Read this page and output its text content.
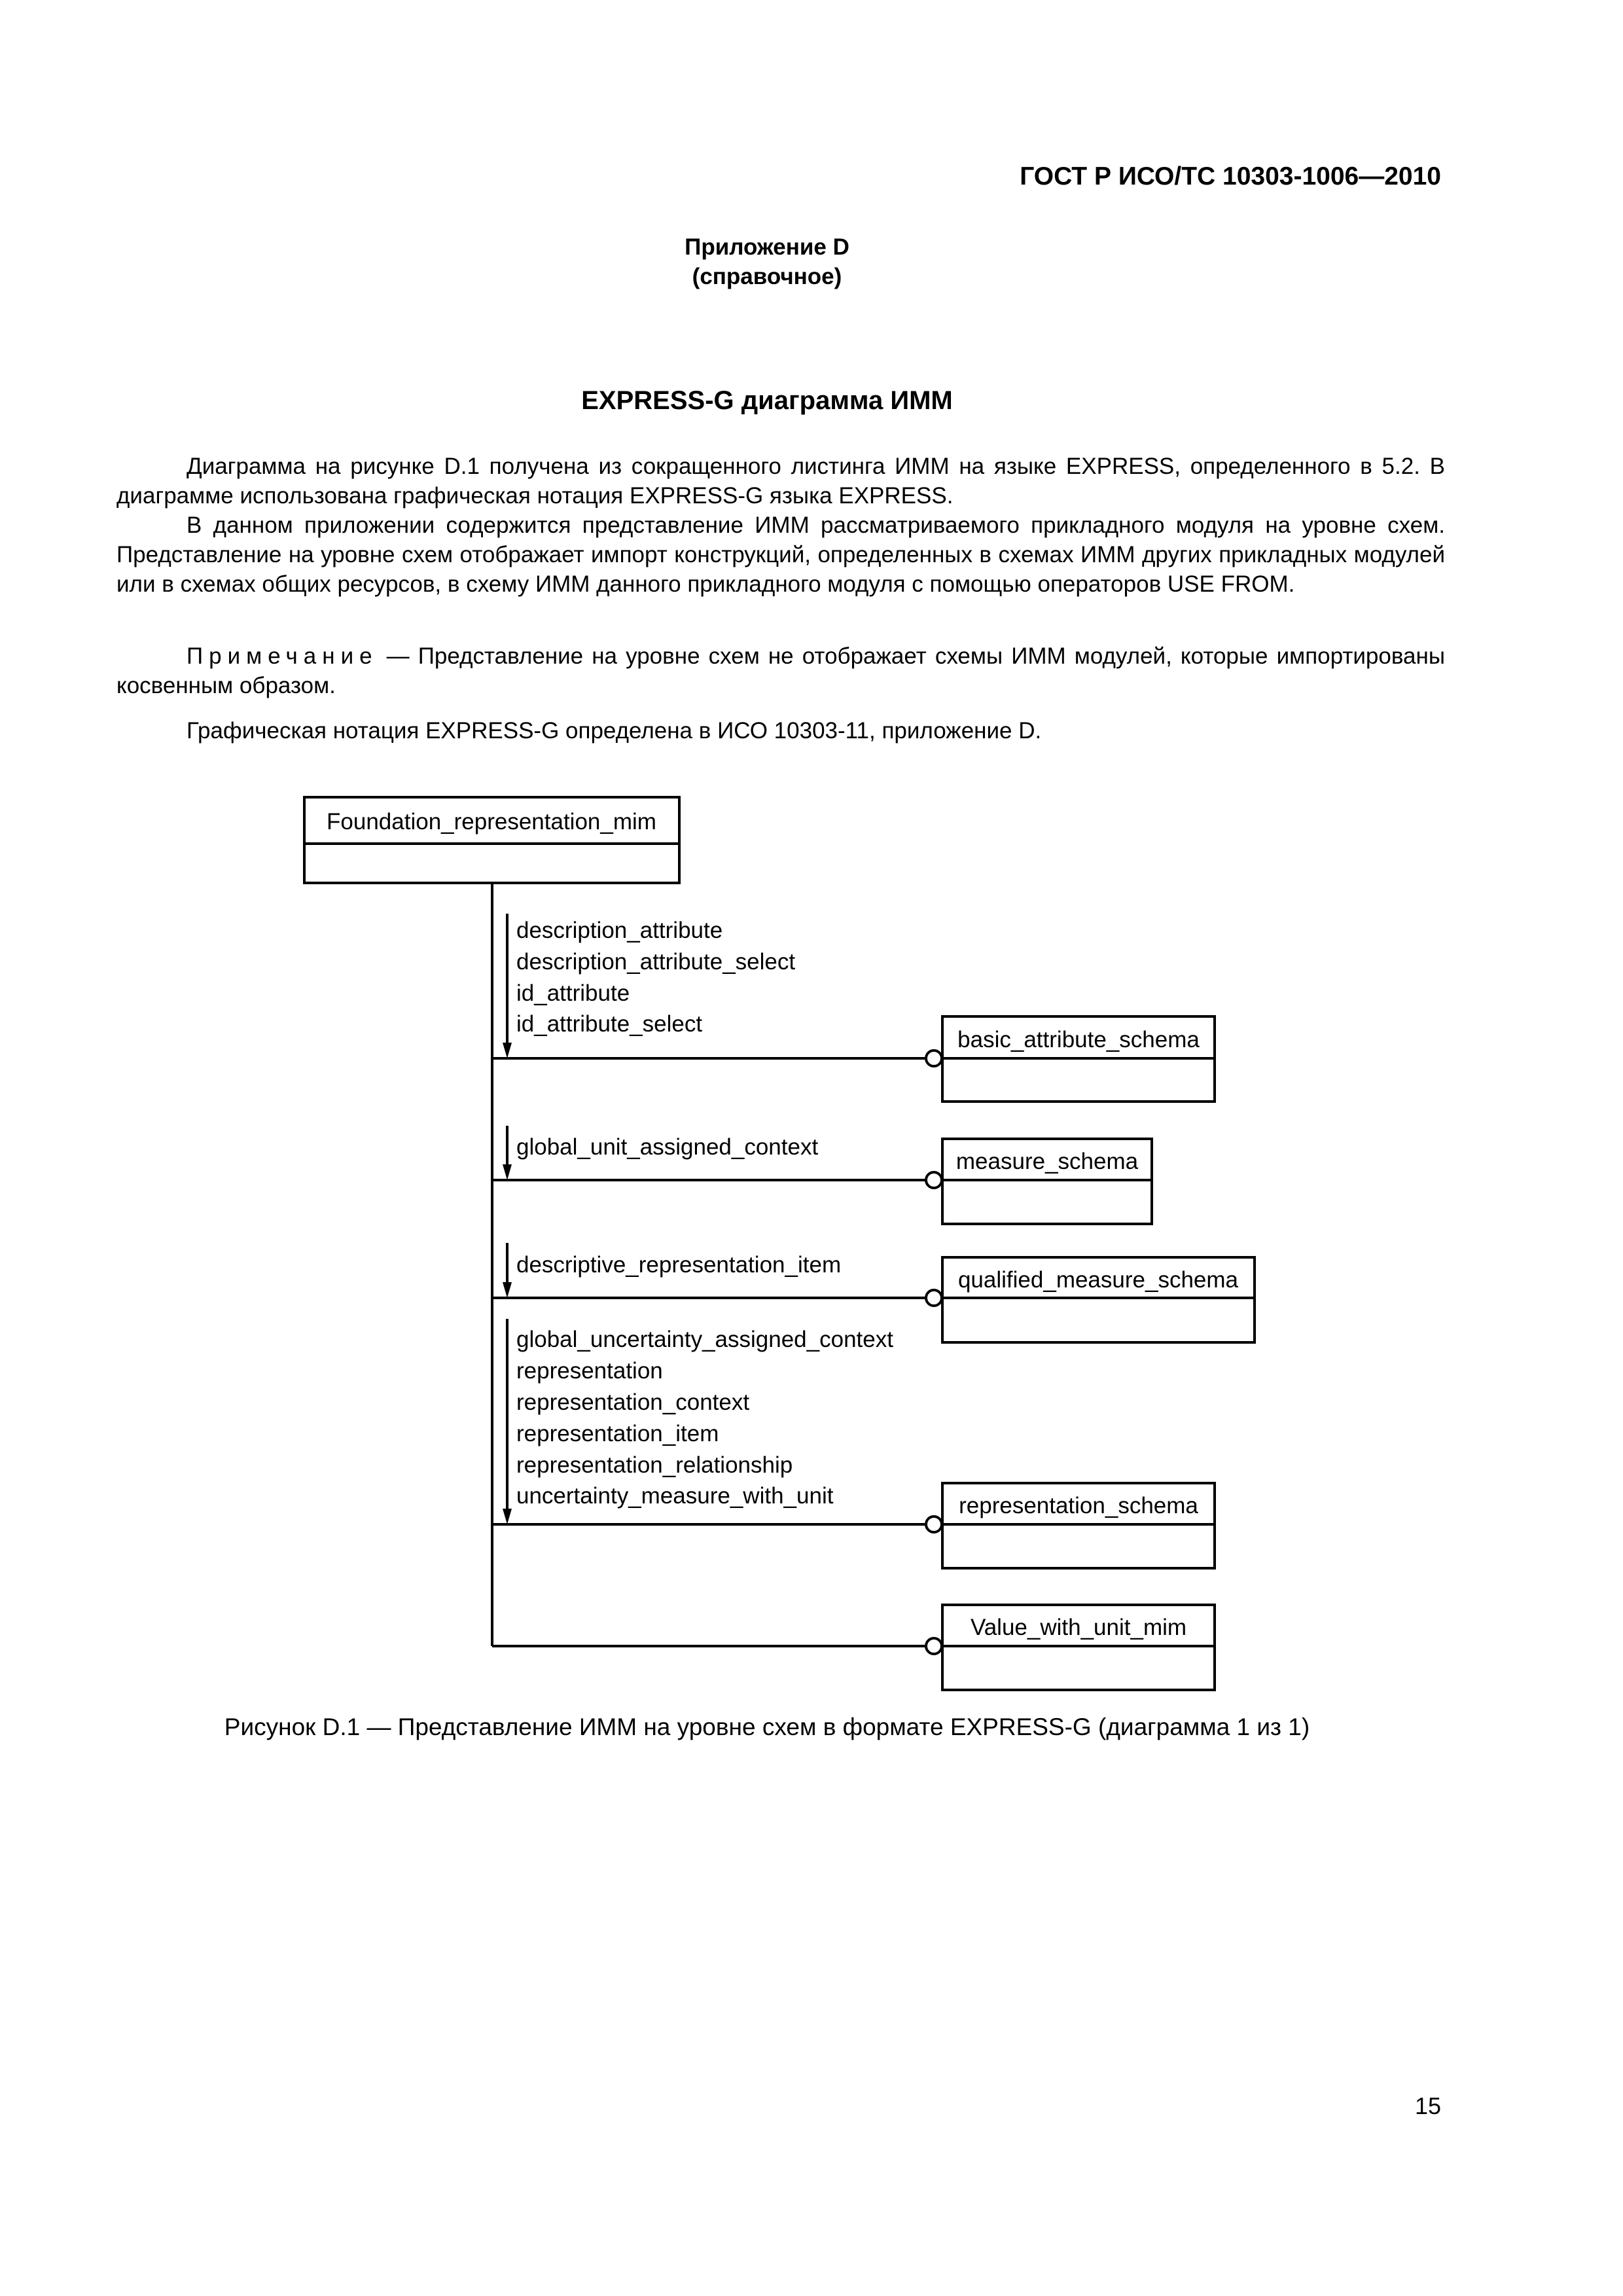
ГОСТ Р ИСО/ТС 10303-1006—2010
Приложение D
(справочное)
EXPRESS-G диаграмма ИММ

Диаграмма на рисунке D.1 получена из сокращенного листинга ИММ на языке EXPRESS, определенного в 5.2. В диаграмме использована графическая нотация EXPRESS-G языка EXPRESS.

В данном приложении содержится представление ИММ рассматриваемого прикладного модуля на уровне схем. Представление на уровне схем отображает импорт конструкций, определенных в схемах ИММ других прикладных модулей или в схемах общих ресурсов, в схему ИММ данного прикладного модуля с помощью операторов USE FROM.

Примечание — Представление на уровне схем не отображает схемы ИММ модулей, которые импортированы косвенным образом.

Графическая нотация EXPRESS-G определена в ИСО 10303-11, приложение D.

Foundation_representation_mim
basic_attribute_schema
measure_schema
qualified_measure_schema
representation_schema
Value_with_unit_mim
description_attribute
description_attribute_select
id_attribute
id_attribute_select
global_unit_assigned_context
descriptive_representation_item
global_uncertainty_assigned_context
representation
representation_context
representation_item
representation_relationship
uncertainty_measure_with_unit
Рисунок D.1 — Представление ИММ на уровне схем в формате EXPRESS-G (диаграмма 1 из 1)
15
